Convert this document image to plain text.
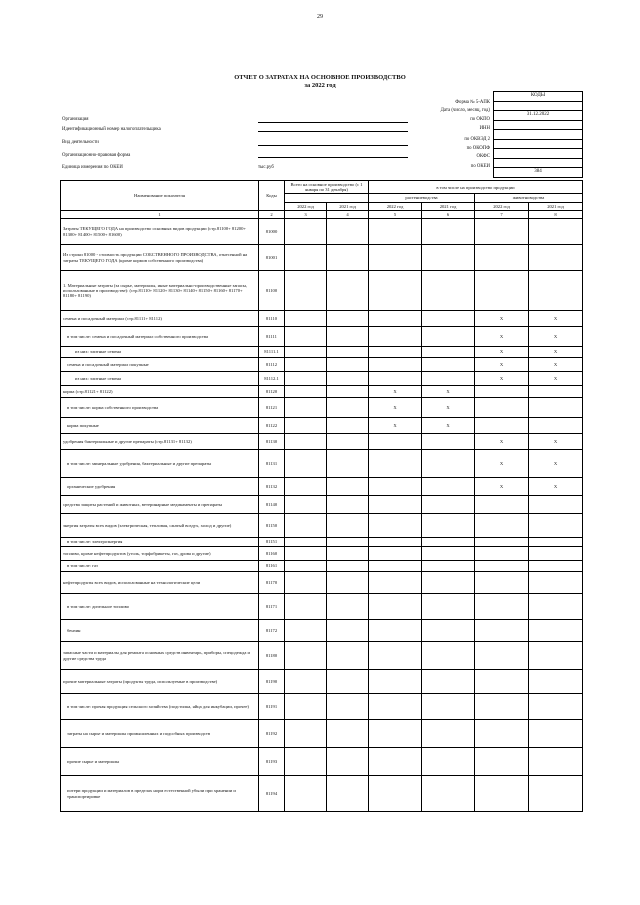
29
ОТЧЕТ О ЗАТРАТАХ НА ОСНОВНОЕ ПРОИЗВОДСТВО
за 2022 год
КОДЫ
31.12.2022
384
Форма № 5-АПК
Дата (число, месяц, год)
по ОКПО
ИНН
по ОКВЭД 2
по ОКОПФ
ОКФС
по ОКЕИ
Организация
Идентификационный номер налогоплательщика
Вид деятельности
Организационно-правовая форма
Единица измерения по ОКЕИ	тыс.руб
Наименование показателя	Коды	Всего на основное производство (с 1 января по 31 декабря)		в том числе на производство продукции			
				растениеводства		животноводства	
		2022 год	2021 год	2022 год	2021 год	2022 год	2021 год
1	2	3	4	5	6	7	8
Затраты ТЕКУЩЕГО ГОДА на производство основных видов продукции (стр.81100+ 81200+ 81300+ 81400+ 81500+ 81600)	81000						
Из строки 81000 - стоимость продукции СОБСТВЕННОГО ПРОИЗВОДСТВА, отнесенной на затраты ТЕКУЩЕГО ГОДА (кроме кормов собственного производства)	81001						
1. Материальные затраты (за сырье, материалы, иные материально-производственные запасы, использованные в производстве): (стр.81110+ 81120+ 81130+ 81140+ 81150+ 81160+ 81170+ 81180+ 81190)	81100						
семена и посадочный материал (стр.81111+ 81112)	81110					Х	Х
в том числе: семена и посадочный материал собственного производства	81111					Х	Х
из них: элитные семена	81111.1					Х	Х
семена и посадочный материал покупные	81112					Х	Х
из них: элитные семена	81112.1					Х	Х
корма (стр.81121+ 81122)	81120			Х	Х		
в том числе: корма собственного производства	81121			Х	Х		
корма покупные	81122			Х	Х		
удобрения бактериальные и другие препараты (стр.81131+ 81132)	81130					Х	Х
в том числе: минеральные удобрения, бактериальные и другие препараты	81131					Х	Х
органические удобрения	81132					Х	Х
средства защиты растений и животных, ветеринарные медикаменты и препараты	81140						
энергия затраты всех видов (электрическая, тепловая, сжатый воздух, холод и другие)	81150						
в том числе: электроэнергия	81151						
топливо, кроме нефтепродуктов (уголь, торфобрикеты, газ, дрова и другие)	81160						
в том числе: газ	81161						
нефтепродукты всех видов, использованные на технологические цели	81170						
в том числе: дизельное топливо	81171						
бензин	81172						
запасные части и материалы для ремонта основных средств инвентарь, приборы, спецодежда и другие средства труда	81180						
прочие материальные затраты (продукты труда, используемые в производстве)	81190						
в том числе: прочая продукция сельского хозяйства (подстилка, яйца для инкубации, прочее)	81191						
затраты на сырье и материалы промышленных и подсобных производств	81192						
прочие сырье и материалы	81193						
потери продукции и материалов в пределах норм естественной убыли при хранении и транспортировке	81194						
